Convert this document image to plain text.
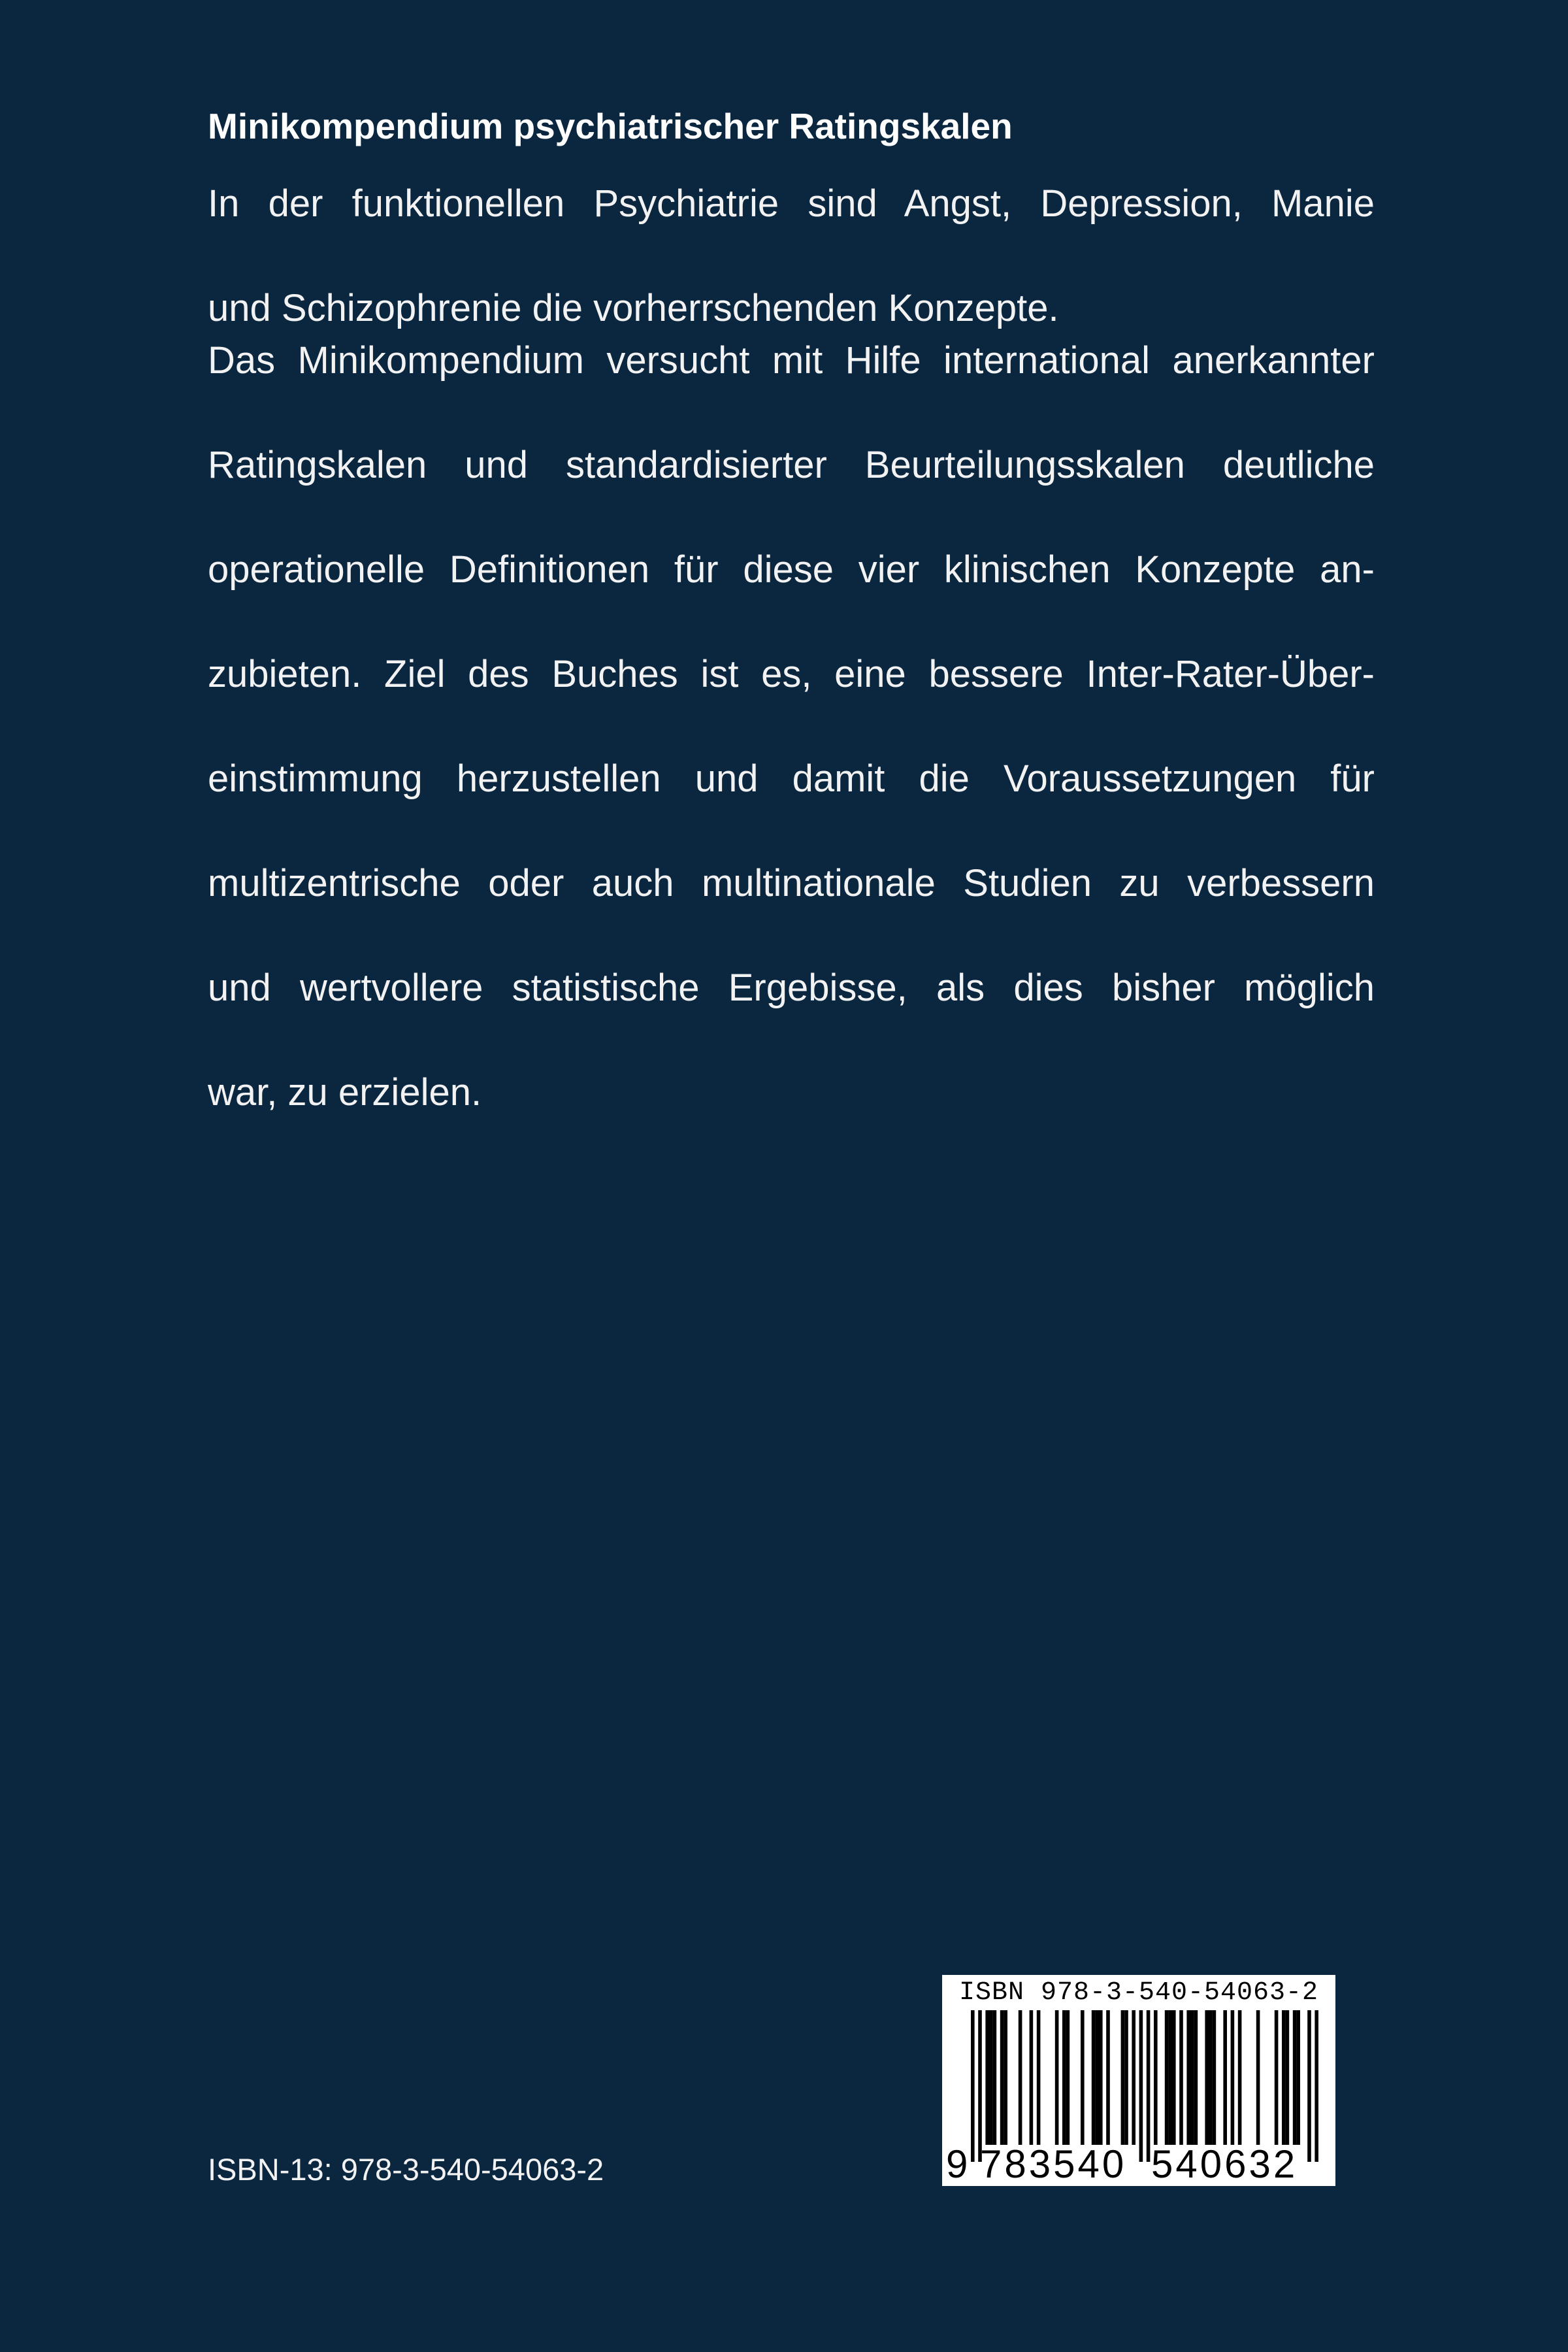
Minikompendium psychiatrischer Ratingskalen

In der funktionellen Psychiatrie sind Angst, Depression, Manie

und Schizophrenie die vorherrschenden Konzepte.

Das Minikompendium versucht mit Hilfe international anerkannter

Ratingskalen und standardisierter Beurteilungsskalen deutliche

operationelle Definitionen für diese vier klinischen Konzepte an-

zubieten. Ziel des Buches ist es, eine bessere Inter-Rater-Über-

einstimmung herzustellen und damit die Voraussetzungen für

multizentrische oder auch multinationale Studien zu verbessern

und wertvollere statistische Ergebisse, als dies bisher möglich

war, zu erzielen.

ISBN-13: 978-3-540-54063-2
ISBN 978-3-540-54063-2
9 783540 540632
